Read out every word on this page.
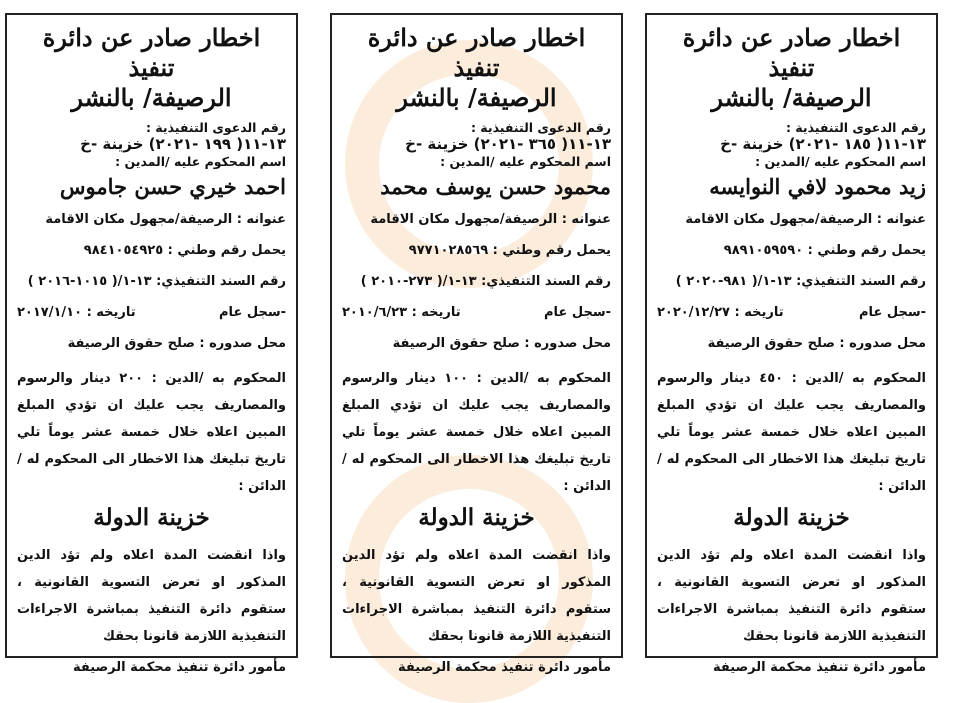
اخطار صادر عن دائرة تنفيذ
الرصيفة/ بالنشر
رقم الدعوى التنفيذية :
١٣-١١( ١٨٥ -٢٠٢١) خزينة -خ
اسم المحكوم عليه /المدين :
زيد محمود لافي النوايسه
عنوانه : الرصيفة/مجهول مكان الاقامة
يحمل رقم وطني : ٩٨٩١٠٥٩٥٩٠
رقم السند التنفيذي: ١٣-١/( ٩٨١-٢٠٢٠ )
-سجل عام
تاريخه : ٢٠٢٠/١٢/٢٧
محل صدوره : صلح حقوق الرصيفة
المحكوم به /الدين : ٤٥٠ دينار والرسوم والمصاريف يجب عليك ان تؤدي المبلغ المبين اعلاه خلال خمسة عشر يوماً تلي تاريخ تبليغك هذا الاخطار الى المحكوم له /الدائن :
خزينة الدولة
واذا انقضت المدة اعلاه ولم تؤد الدين المذكور او تعرض التسوية القانونية ، ستقوم دائرة التنفيذ بمباشرة الاجراءات التنفيذية اللازمة قانونا بحقك
مأمور دائرة تنفيذ محكمة الرصيفة
اخطار صادر عن دائرة تنفيذ
الرصيفة/ بالنشر
رقم الدعوى التنفيذية :
١٣-١١( ٣٦٥ -٢٠٢١) خزينة -خ
اسم المحكوم عليه /المدين :
محمود حسن يوسف محمد
عنوانه : الرصيفة/مجهول مكان الاقامة
يحمل رقم وطني : ٩٧٧١٠٢٨٥٦٩
رقم السند التنفيذي: ١٣-١/( ٢٧٣-٢٠١٠ )
-سجل عام
تاريخه : ٢٠١٠/٦/٢٣
محل صدوره : صلح حقوق الرصيفة
المحكوم به /الدين : ١٠٠ دينار والرسوم والمصاريف يجب عليك ان تؤدي المبلغ المبين اعلاه خلال خمسة عشر يوماً تلي تاريخ تبليغك هذا الاخطار الى المحكوم له /الدائن :
خزينة الدولة
واذا انقضت المدة اعلاه ولم تؤد الدين المذكور او تعرض التسوية القانونية ، ستقوم دائرة التنفيذ بمباشرة الاجراءات التنفيذية اللازمة قانونا بحقك
مأمور دائرة تنفيذ محكمة الرصيفة
اخطار صادر عن دائرة تنفيذ
الرصيفة/ بالنشر
رقم الدعوى التنفيذية :
١٣-١١( ١٩٩ -٢٠٢١) خزينة -خ
اسم المحكوم عليه /المدين :
احمد خيري حسن جاموس
عنوانه : الرصيفة/مجهول مكان الاقامة
يحمل رقم وطني : ٩٨٤١٠٥٤٩٢٥
رقم السند التنفيذي: ١٣-١/( ١٠١٥-٢٠١٦ )
-سجل عام
تاريخه : ٢٠١٧/١/١٠
محل صدوره : صلح حقوق الرصيفة
المحكوم به /الدين : ٢٠٠ دينار والرسوم والمصاريف يجب عليك ان تؤدي المبلغ المبين اعلاه خلال خمسة عشر يوماً تلي تاريخ تبليغك هذا الاخطار الى المحكوم له /الدائن :
خزينة الدولة
واذا انقضت المدة اعلاه ولم تؤد الدين المذكور او تعرض التسوية القانونية ، ستقوم دائرة التنفيذ بمباشرة الاجراءات التنفيذية اللازمة قانونا بحقك
مأمور دائرة تنفيذ محكمة الرصيفة
